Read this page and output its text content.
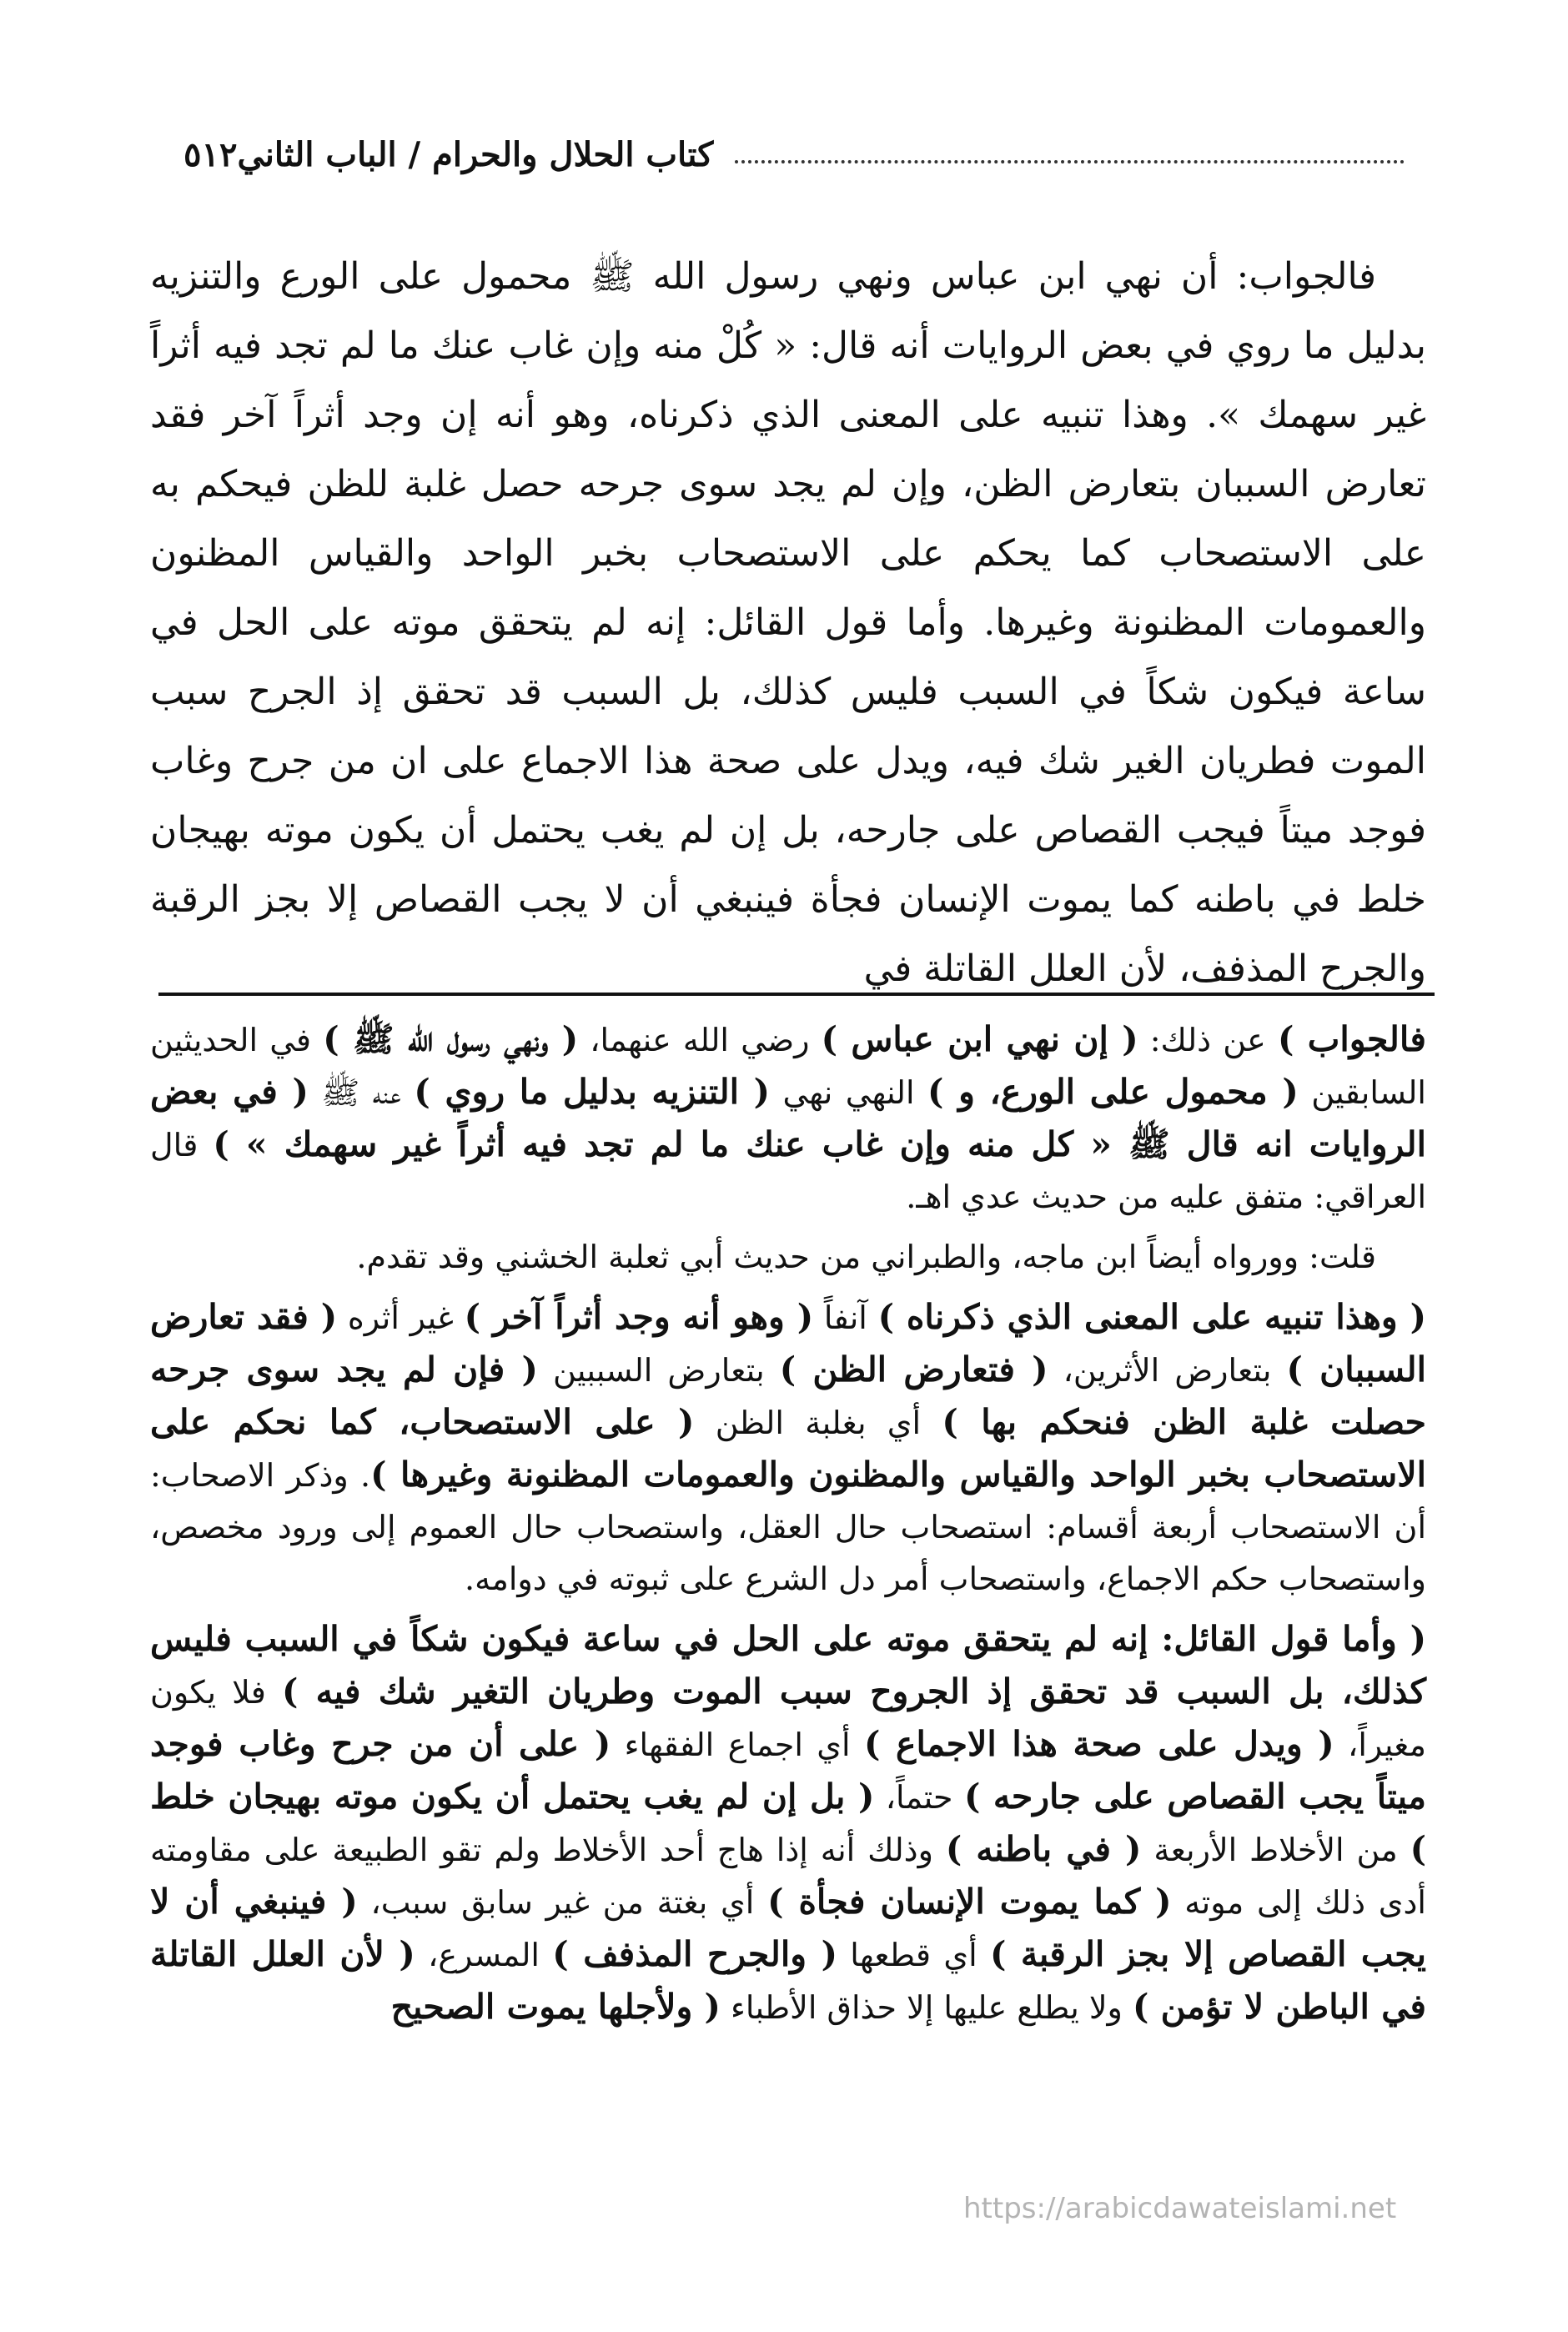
٥١٢ كتاب الحلال والحرام / الباب الثاني

فالجواب: أن نهي ابن عباس ونهي رسول الله ﷺ محمول على الورع والتنزيه بدليل ما روي في بعض الروايات أنه قال: « كُلْ منه وإن غاب عنك ما لم تجد فيه أثراً غير سهمك ». وهذا تنبيه على المعنى الذي ذكرناه، وهو أنه إن وجد أثراً آخر فقد تعارض السببان بتعارض الظن، وإن لم يجد سوى جرحه حصل غلبة للظن فيحكم به على الاستصحاب كما يحكم على الاستصحاب بخبر الواحد والقياس المظنون والعمومات المظنونة وغيرها. وأما قول القائل: إنه لم يتحقق موته على الحل في ساعة فيكون شكاً في السبب فليس كذلك، بل السبب قد تحقق إذ الجرح سبب الموت فطريان الغير شك فيه، ويدل على صحة هذا الاجماع على ان من جرح وغاب فوجد ميتاً فيجب القصاص على جارحه، بل إن لم يغب يحتمل أن يكون موته بهيجان خلط في باطنه كما يموت الإنسان فجأة فينبغي أن لا يجب القصاص إلا بجز الرقبة والجرح المذفف، لأن العلل القاتلة في

فالجواب ) عن ذلك: ( إن نهي ابن عباس ) رضي الله عنهما، ( ونهي رسول الله ﷺ ) في الحديثين السابقين ( محمول على الورع، و ) النهي نهي ( التنزيه بدليل ما روي ) عنه ﷺ ( في بعض الروايات انه قال ﷺ « كل منه وإن غاب عنك ما لم تجد فيه أثراً غير سهمك » ) قال العراقي: متفق عليه من حديث عدي اهـ.

قلت: وورواه أيضاً ابن ماجه، والطبراني من حديث أبي ثعلبة الخشني وقد تقدم.

( وهذا تنبيه على المعنى الذي ذكرناه ) آنفاً ( وهو أنه وجد أثراً آخر ) غير أثره ( فقد تعارض السببان ) بتعارض الأثرين، ( فتعارض الظن ) بتعارض السببين ( فإن لم يجد سوى جرحه حصلت غلبة الظن فنحكم بها ) أي بغلبة الظن ( على الاستصحاب، كما نحكم على الاستصحاب بخبر الواحد والقياس والمظنون والعمومات المظنونة وغيرها ). وذكر الاصحاب: أن الاستصحاب أربعة أقسام: استصحاب حال العقل، واستصحاب حال العموم إلى ورود مخصص، واستصحاب حكم الاجماع، واستصحاب أمر دل الشرع على ثبوته في دوامه.

( وأما قول القائل: إنه لم يتحقق موته على الحل في ساعة فيكون شكاً في السبب فليس كذلك، بل السبب قد تحقق إذ الجروح سبب الموت وطريان التغير شك فيه ) فلا يكون مغيراً، ( ويدل على صحة هذا الاجماع ) أي اجماع الفقهاء ( على أن من جرح وغاب فوجد ميتاً يجب القصاص على جارحه ) حتماً، ( بل إن لم يغب يحتمل أن يكون موته بهيجان خلط ) من الأخلاط الأربعة ( في باطنه ) وذلك أنه إذا هاج أحد الأخلاط ولم تقو الطبيعة على مقاومته أدى ذلك إلى موته ( كما يموت الإنسان فجأة ) أي بغتة من غير سابق سبب، ( فينبغي أن لا يجب القصاص إلا بجز الرقبة ) أي قطعها ( والجرح المذفف ) المسرع، ( لأن العلل القاتلة في الباطن لا تؤمن ) ولا يطلع عليها إلا حذاق الأطباء ( ولأجلها يموت الصحيح

https://arabicdawateislami.net
